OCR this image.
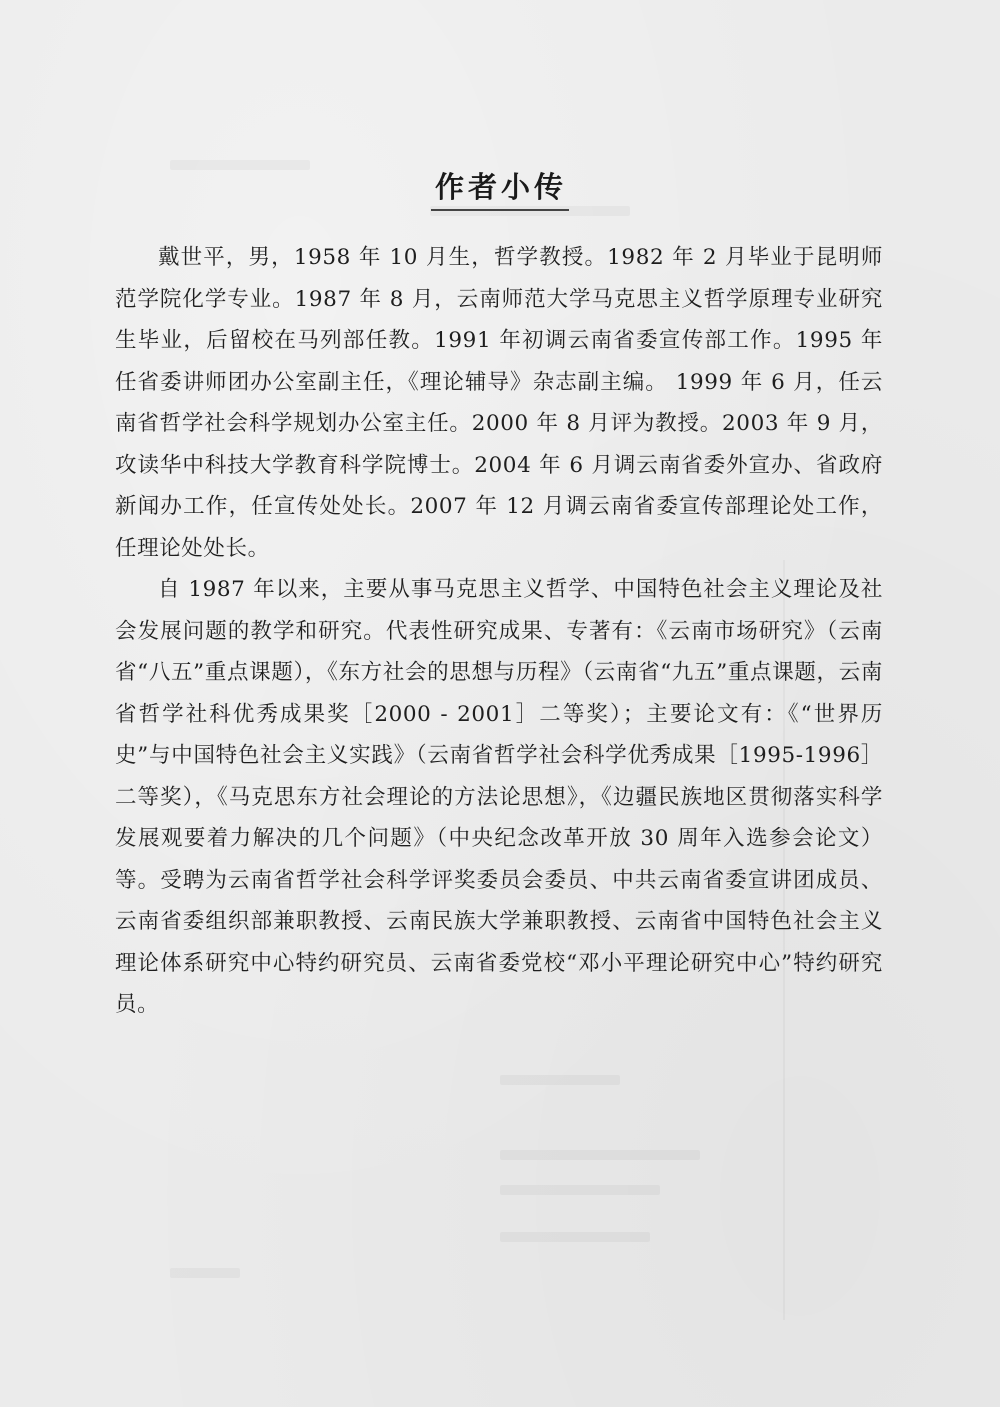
作者小传

戴世平，男，1958 年 10 月生，哲学教授。1982 年 2 月毕业于昆明师范学院化学专业。1987 年 8 月，云南师范大学马克思主义哲学原理专业研究生毕业，后留校在马列部任教。1991 年初调云南省委宣传部工作。1995 年任省委讲师团办公室副主任，《理论辅导》杂志副主编。 1999 年 6 月，任云南省哲学社会科学规划办公室主任。2000 年 8 月评为教授。2003 年 9 月，攻读华中科技大学教育科学院博士。2004 年 6 月调云南省委外宣办、省政府新闻办工作，任宣传处处长。2007 年 12 月调云南省委宣传部理论处工作，任理论处处长。

自 1987 年以来，主要从事马克思主义哲学、中国特色社会主义理论及社会发展问题的教学和研究。代表性研究成果、专著有：《云南市场研究》（云南省“八五”重点课题），《东方社会的思想与历程》（云南省“九五”重点课题，云南省哲学社科优秀成果奖［2000 - 2001］二等奖）；主要论文有：《“世界历史”与中国特色社会主义实践》（云南省哲学社会科学优秀成果［1995-1996］二等奖），《马克思东方社会理论的方法论思想》，《边疆民族地区贯彻落实科学发展观要着力解决的几个问题》（中央纪念改革开放 30 周年入选参会论文）等。受聘为云南省哲学社会科学评奖委员会委员、中共云南省委宣讲团成员、云南省委组织部兼职教授、云南民族大学兼职教授、云南省中国特色社会主义理论体系研究中心特约研究员、云南省委党校“邓小平理论研究中心”特约研究员。
